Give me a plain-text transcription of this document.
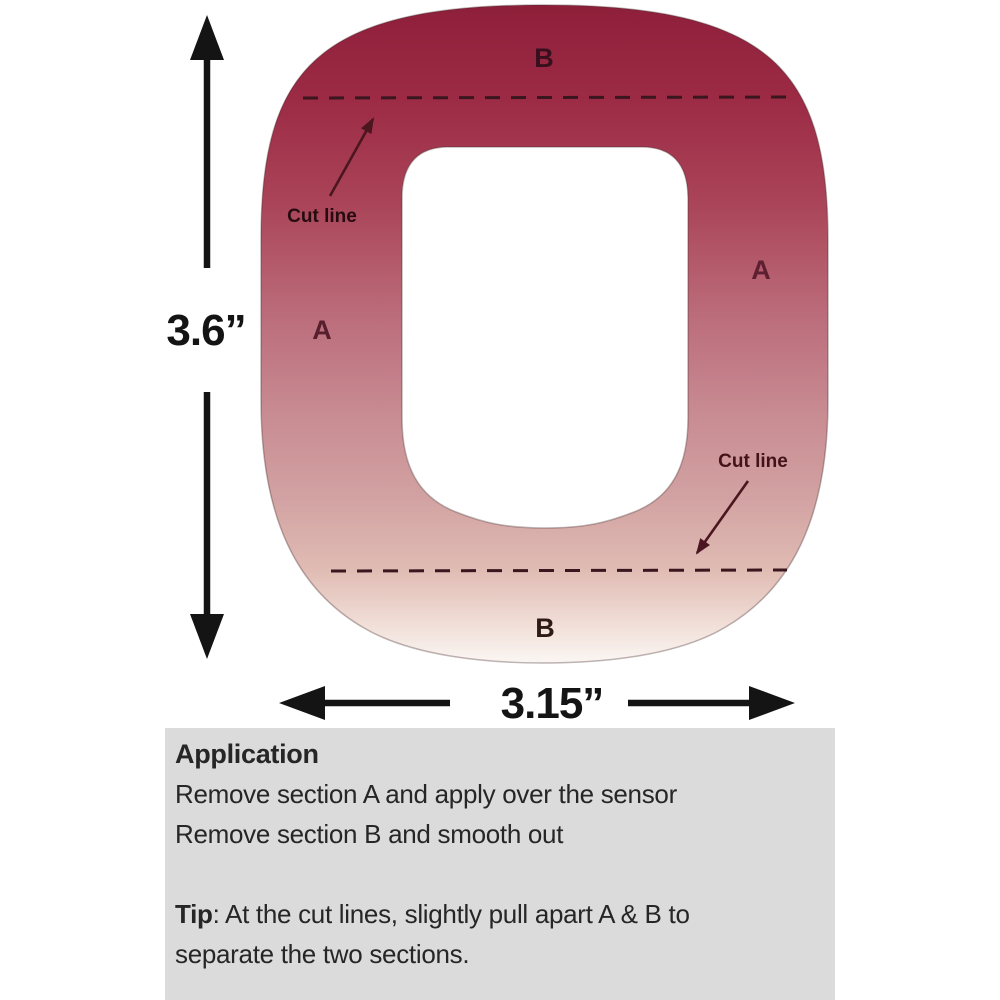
B
A
A
B
Cut line
Cut line
3.6”
3.15”
Application
Remove section A and apply over the sensor
Remove section B and smooth out
Tip: At the cut lines, slightly pull apart A & B to
separate the two sections.
